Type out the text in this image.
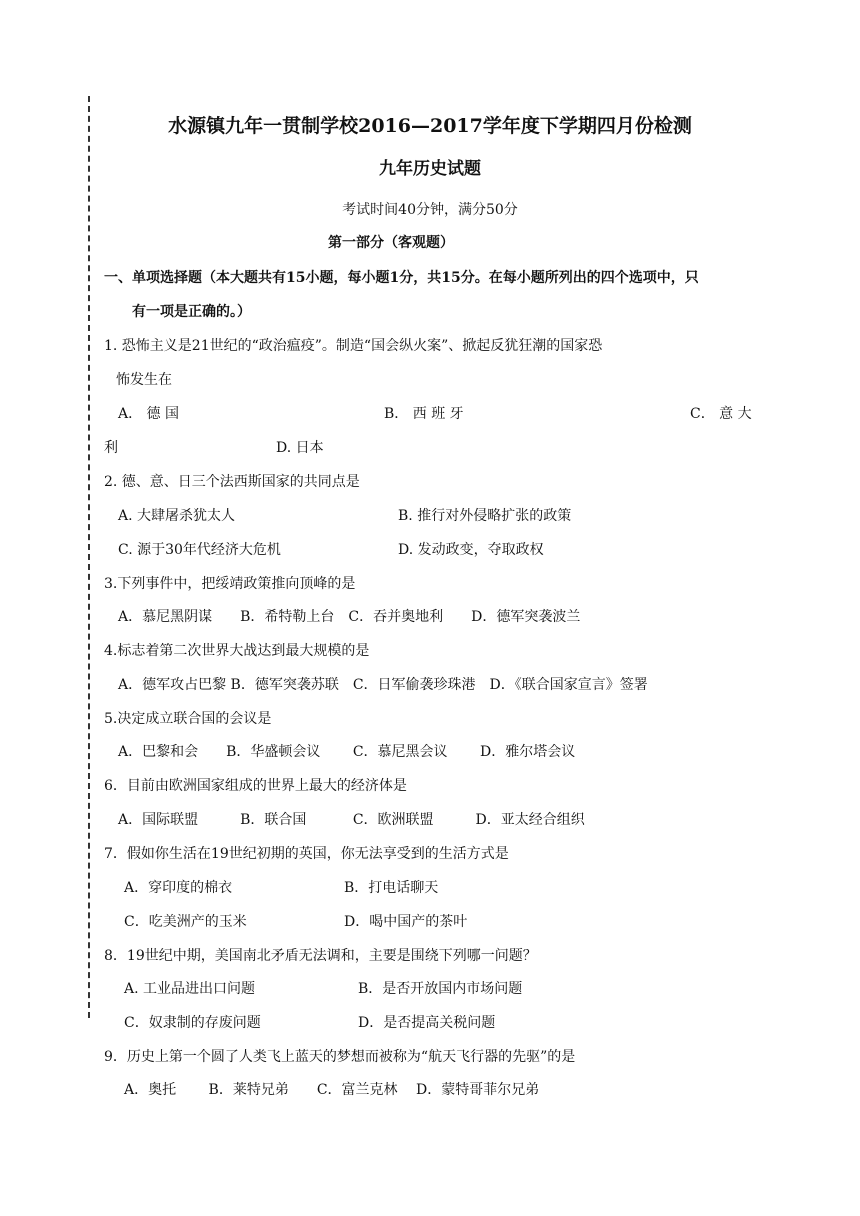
水源镇九年一贯制学校2016—2017学年度下学期四月份检测
九年历史试题
考试时间40分钟，满分50分
第一部分（客观题）
一、单项选择题（本大题共有15小题，每小题1分，共15分。在每小题所列出的四个选项中，只
有一项是正确的。）
1. 恐怖主义是21世纪的“政治瘟疫”。制造“国会纵火案”、掀起反犹狂潮的国家恐
怖发生在
A． 德 国	B． 西 班 牙	C． 意 大
利	D. 日本
2. 德、意、日三个法西斯国家的共同点是
A. 大肆屠杀犹太人	B. 推行对外侵略扩张的政策
C. 源于30年代经济大危机	D. 发动政变，夺取政权
3.下列事件中，把绥靖政策推向顶峰的是
A．慕尼黑阴谋　　B．希特勒上台　C．吞并奥地利　　D．德军突袭波兰
4.标志着第二次世界大战达到最大规模的是
A．德军攻占巴黎 B．德军突袭苏联　C．日军偷袭珍珠港　D．《联合国家宣言》签署
5.决定成立联合国的会议是
A．巴黎和会　　B．华盛顿会议　　 C．慕尼黑会议　　 D．雅尔塔会议
6．目前由欧洲国家组成的世界上最大的经济体是
A．国际联盟　　　B．联合国　　　 C．欧洲联盟　　　D．亚太经合组织
7．假如你生活在19世纪初期的英国，你无法享受到的生活方式是
A．穿印度的棉衣	B．打电话聊天
C．吃美洲产的玉米	D．喝中国产的茶叶
8．19世纪中期，美国南北矛盾无法调和，主要是围绕下列哪一问题？
A. 工业品进出口问题	B．是否开放国内市场问题
C．奴隶制的存废问题	D．是否提高关税问题
9．历史上第一个圆了人类飞上蓝天的梦想而被称为“航天飞行器的先驱”的是
A．奥托　　 B．莱特兄弟　　C．富兰克林　 D．蒙特哥菲尔兄弟
